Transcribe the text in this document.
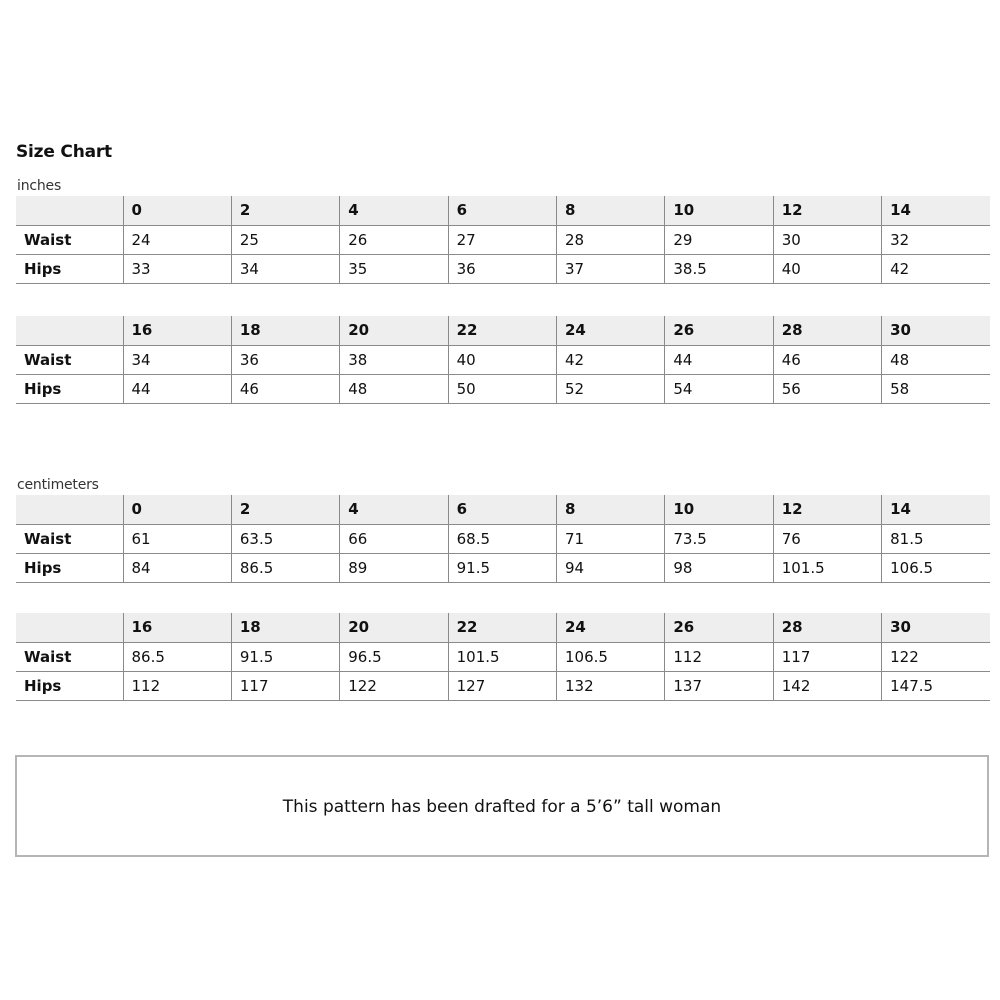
Size Chart
inches
	0	2	4	6	8	10	12	14
Waist	24	25	26	27	28	29	30	32
Hips	33	34	35	36	37	38.5	40	42
	16	18	20	22	24	26	28	30
Waist	34	36	38	40	42	44	46	48
Hips	44	46	48	50	52	54	56	58
centimeters
	0	2	4	6	8	10	12	14
Waist	61	63.5	66	68.5	71	73.5	76	81.5
Hips	84	86.5	89	91.5	94	98	101.5	106.5
	16	18	20	22	24	26	28	30
Waist	86.5	91.5	96.5	101.5	106.5	112	117	122
Hips	112	117	122	127	132	137	142	147.5
This pattern has been drafted for a 5’6” tall woman
